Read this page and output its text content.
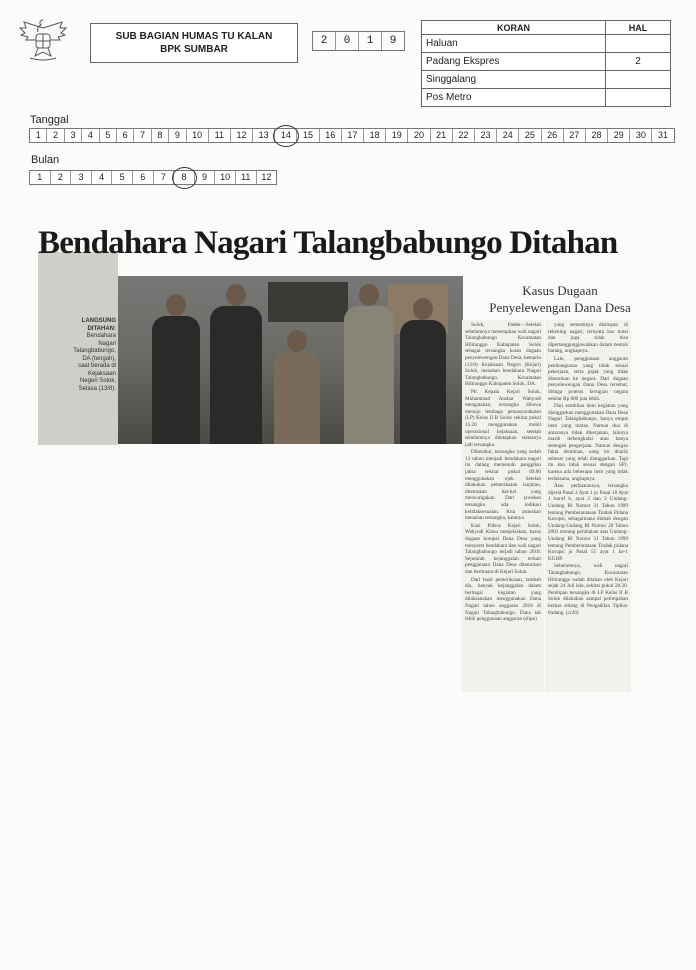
SUB BAGIAN HUMAS TU KALAN
BPK SUMBAR
2	0	1	9
KORAN	HAL
Haluan	
Padang Ekspres	2
Singgalang	
Pos Metro	
Tanggal
1	2	3	4	5	6	7	8	9	10	11	12	13	14	15	16	17	18	19	20	21	22	23	24	25	26	27	28	29	30	31
Bulan
1	2	3	4	5	6	7	8	9	10	11	12
Bendahara Nagari Talangbabungo Ditahan
LANGSUNG
DITAHAN:
Bendahara Nagari Talangbabungo, DA (tengah), saat berada di Kejaksaan Negeri Solok, Selasa (13/8).
Kasus Dugaan
Penyelewengan Dana Desa

Solok, Padek—Setelah sebelumnya menetapkan wali nagari Talangbabungo Kecamatan Hiliranggo Kabupaten Solok sebagai tersangka kasus dugaan penyelewengan Dana Desa, kemarin (13/8) Kejaksaan Negeri (Kejari) Solok, menahan bendahara Nagari Talangbabungo, Kecamatan Hiliranggo Kabupaten Solok, DA.

Plt Kepala Kejari Solok, Muhammad Anshar Wahyudi mengatakan, tersangka dibawa menuju lembaga pemasyarakatan (LP) Kelas II B Solok sekitar pukul 15.20 menggunakan mobil operasional kejaksaan, setelah sebelumnya ditetapkan statusnya jadi tersangka.

Diketahui, tersangka yang sudah 13 tahun menjadi bendahara nagari itu datang memenuhi panggilan jaksa sekitar pukul 09.00 menggunakan ojek. Setelah dilakukan pemeriksaan lanjutan, ditemukan hal-hal yang mencurigakan. Dari jawaban tersangka ada indikasi ketidaksesuaian. Kita putuskan menahan tersangka, katanya.

Kasi Pidsus Kejari Solok, Wahyudi Kisno menjelaskan, kasus dugaan korupsi Dana Desa yang menyeret bendahara dan wali nagari Talangbabungo terjadi tahun 2018. Sejumlah kejanggalan terkait penggunaan Dana Desa ditemukan dan bermuara di Kejari Solok.

Dari hasil pemeriksaan, tambah dia, banyak kejanggalan dalam berbagai kegiatan yang dilaksanakan menggunakan Dana Nagari tahun anggaran 2018 di Nagari Talangbabungo. Dana tak lebih penggunaan anggaran (slipo)

yang semestinya disimpan di rekening nagari, ternyata kas tunai dan juga tidak bisa dipertanggungjawabkan dalam bentuk barang, ungkapnya.

Lalu, penggunaan anggaran pembangunan yang tidak sesuai pekerjaan, serta pajak yang tidak disetorkan ke negara. Dari dugaan penyelewengan Dana Desa tersebut, diduga potensi kerugian negara sekitar Rp 800 juta lebih.

Dari sembilan item kegiatan yang dianggarkan menggunakan Dana Desa Nagari Talangbabungo, hanya empat item yang tuntas. Namun dua di antaranya tidak dikerjakan, lainnya masih terbengkalai atau hanya setengah pengerjaan. Namun dengan fakta demikian, uang itu ditarik sebesar yang telah dianggarkan. Tapi itu kan tidak sesuai dengan SPJ, karena ada beberapa item yang tidak terlaksana, ungkapnya.

Atas perbuatannya, tersangka dijerat Pasal 2 Ayat 1 jo Pasal 18 Ayat 1 huruf b, ayat 2 dan 3 Undang-Undang RI Nomor 31 Tahun 1999 tentang Pemberantasan Tindak Pidana Korupsi, sebagaimana diubah dengan Undang-Undang RI Nomor 20 Tahun 2001 tentang perubahan atas Undang-Undang RI Nomor 31 Tahun 1999 tentang Pemberantasan Tindak pidana Korupsi jo Pasal 55 ayat 1 ke-1 KUHP.

Sebelumnya, wali nagari Talangbabungo, Kecamatan Hiliranggo sudah ditahan oleh Kejari sejak 24 Juli lalu, sekitar pukul 20.30. Penitipan tersangka di LP Kelas II B Solok dilakukan sampai pelimpahan berkas sidang di Pengadilan Tipikor Padang. (cr26)
